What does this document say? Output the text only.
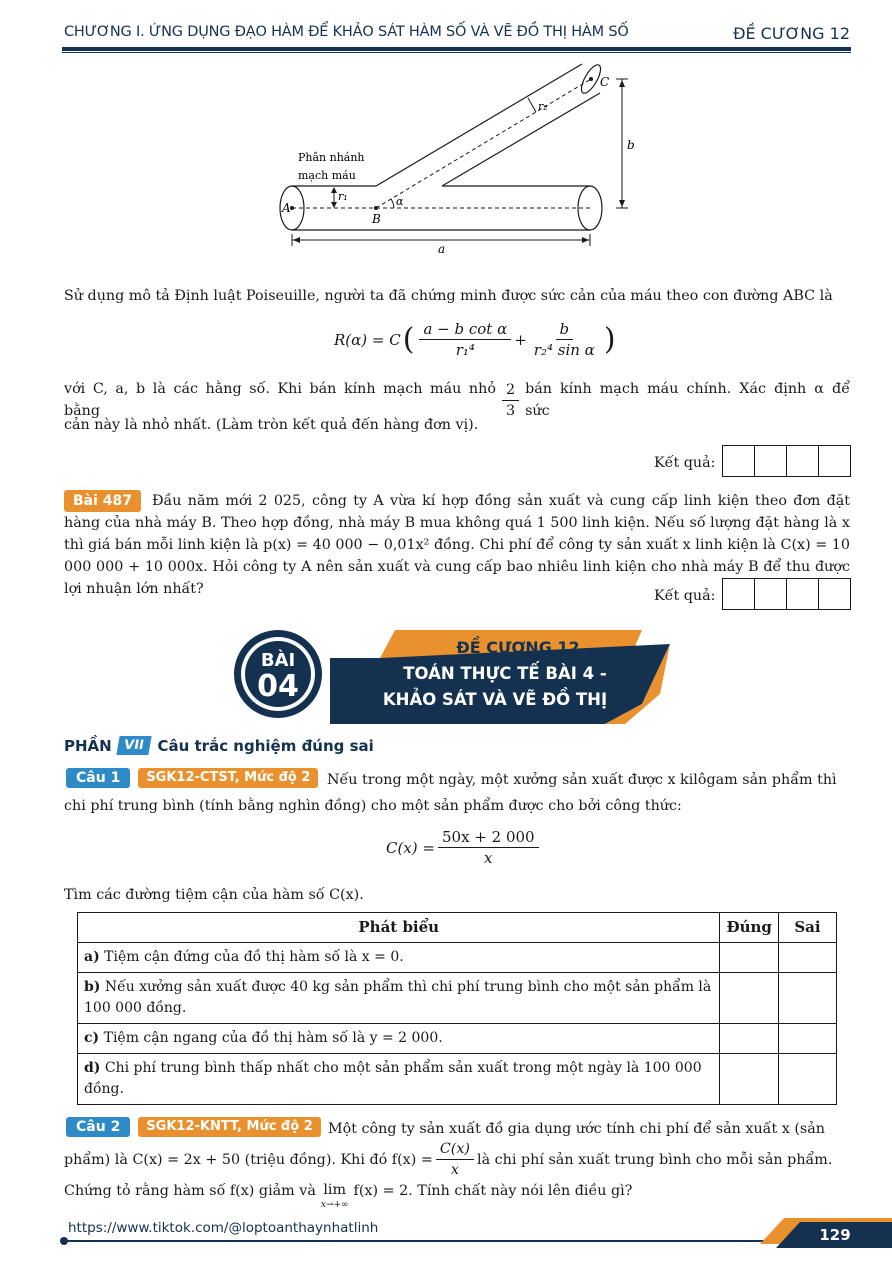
CHƯƠNG I. ỨNG DỤNG ĐẠO HÀM ĐỂ KHẢO SÁT HÀM SỐ VÀ VẼ ĐỒ THỊ HÀM SỐ	ĐỀ CƯƠNG 12
Phân nhánh
mạch máu
A
B
C
r₁
r₂
α
a
b
Sử dụng mô tả Định luật Poiseuille, người ta đã chứng minh được sức cản của máu theo con đường ABC là
R(α) = C ( $\frac{\text{a − b cot α}}{\text{r₁⁴}} + \frac{b}{\text{r₂⁴ sin α}}$ )
với C, a, b là các hằng số. Khi bán kính mạch máu nhỏ bằng	$\frac{2}{3}$ bán kính mạch máu chính. Xác định α để sức
cản này là nhỏ nhất. (Làm tròn kết quả đến hàng đơn vị).
Kết quả:
Bài 487	Đầu năm mới 2 025, công ty A vừa kí hợp đồng sản xuất và cung cấp linh kiện theo đơn đặt hàng của nhà máy B. Theo hợp đồng, nhà máy B mua không quá 1 500 linh kiện. Nếu số lượng đặt hàng là x thì giá bán mỗi linh kiện là p(x) = 40 000 − 0,01x² đồng. Chi phí để công ty sản xuất x linh kiện là C(x) = 10 000 000 + 10 000x. Hỏi công ty A nên sản xuất và cung cấp bao nhiêu linh kiện cho nhà máy B để thu được lợi nhuận lớn nhất?	Kết quả:
BÀI
04
ĐỀ CƯƠNG 12
TOÁN THỰC TẾ BÀI 4 -
KHẢO SÁT VÀ VẼ ĐỒ THỊ
PHẦN VII Câu trắc nghiệm đúng sai
Câu 1	SGK12-CTST, Mức độ 2	Nếu trong một ngày, một xưởng sản xuất được x kilôgam sản phẩm thì
chi phí trung bình (tính bằng nghìn đồng) cho một sản phẩm được cho bởi công thức:
$C(x) = \frac{50x + 2 000}{x}$
Tìm các đường tiệm cận của hàm số C(x).
Phát biểu	Đúng	Sai
a) Tiệm cận đứng của đồ thị hàm số là x = 0.		
b) Nếu xưởng sản xuất được 40 kg sản phẩm thì chi phí trung bình cho một sản phẩm là 100 000 đồng.		
c) Tiệm cận ngang của đồ thị hàm số là y = 2 000.		
d) Chi phí trung bình thấp nhất cho một sản phẩm sản xuất trong một ngày là 100 000 đồng.		
Câu 2	SGK12-KNTT, Mức độ 2	Một công ty sản xuất đồ gia dụng ước tính chi phí để sản xuất x (sản
phẩm) là C(x) = 2x + 50 (triệu đồng). Khi đó $f(x) = \frac{C(x)}{x}$ là chi phí sản xuất trung bình cho mỗi sản phẩm.
Chứng tỏ rằng hàm số f(x) giảm và lim
x→+∞
f(x) = 2. Tính chất này nói lên điều gì?
https://www.tiktok.com/@loptoanthaynhatlinh	129
